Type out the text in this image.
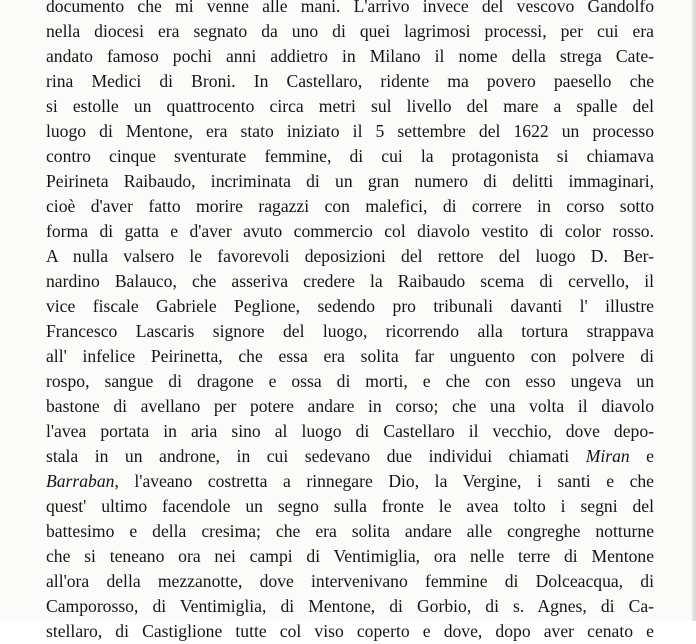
documento che mi venne alle mani. L'arrivo invece del vescovo Gandolfo
nella diocesi era segnato da uno di quei lagrimosi processi, per cui era
andato famoso pochi anni addietro in Milano il nome della strega Cate-
rina Medici di Broni. In Castellaro, ridente ma povero paesello che
si estolle un quattrocento circa metri sul livello del mare a spalle del
luogo di Mentone, era stato iniziato il 5 settembre del 1622 un processo
contro cinque sventurate femmine, di cui la protagonista si chiamava
Peirineta Raibaudo, incriminata di un gran numero di delitti immaginari,
cioè d'aver fatto morire ragazzi con malefici, di correre in corso sotto
forma di gatta e d'aver avuto commercio col diavolo vestito di color rosso.
A nulla valsero le favorevoli deposizioni del rettore del luogo D. Ber-
nardino Balauco, che asseriva credere la Raibaudo scema di cervello, il
vice fiscale Gabriele Peglione, sedendo pro tribunali davanti l' illustre
Francesco Lascaris signore del luogo, ricorrendo alla tortura strappava
all' infelice Peirinetta, che essa era solita far unguento con polvere di
rospo, sangue di dragone e ossa di morti, e che con esso ungeva un
bastone di avellano per potere andare in corso; che una volta il diavolo
l'avea portata in aria sino al luogo di Castellaro il vecchio, dove depo-
stala in un androne, in cui sedevano due individui chiamati Miran e
Barraban, l'aveano costretta a rinnegare Dio, la Vergine, i santi e che
quest' ultimo facendole un segno sulla fronte le avea tolto i segni del
battesimo e della cresima; che era solita andare alle congreghe notturne
che si teneano ora nei campi di Ventimiglia, ora nelle terre di Mentone
all'ora della mezzanotte, dove intervenivano femmine di Dolceacqua, di
Camporosso, di Ventimiglia, di Mentone, di Gorbio, di s. Agnes, di Ca-
stellaro, di Castiglione tutte col viso coperto e dove, dopo aver cenato e
